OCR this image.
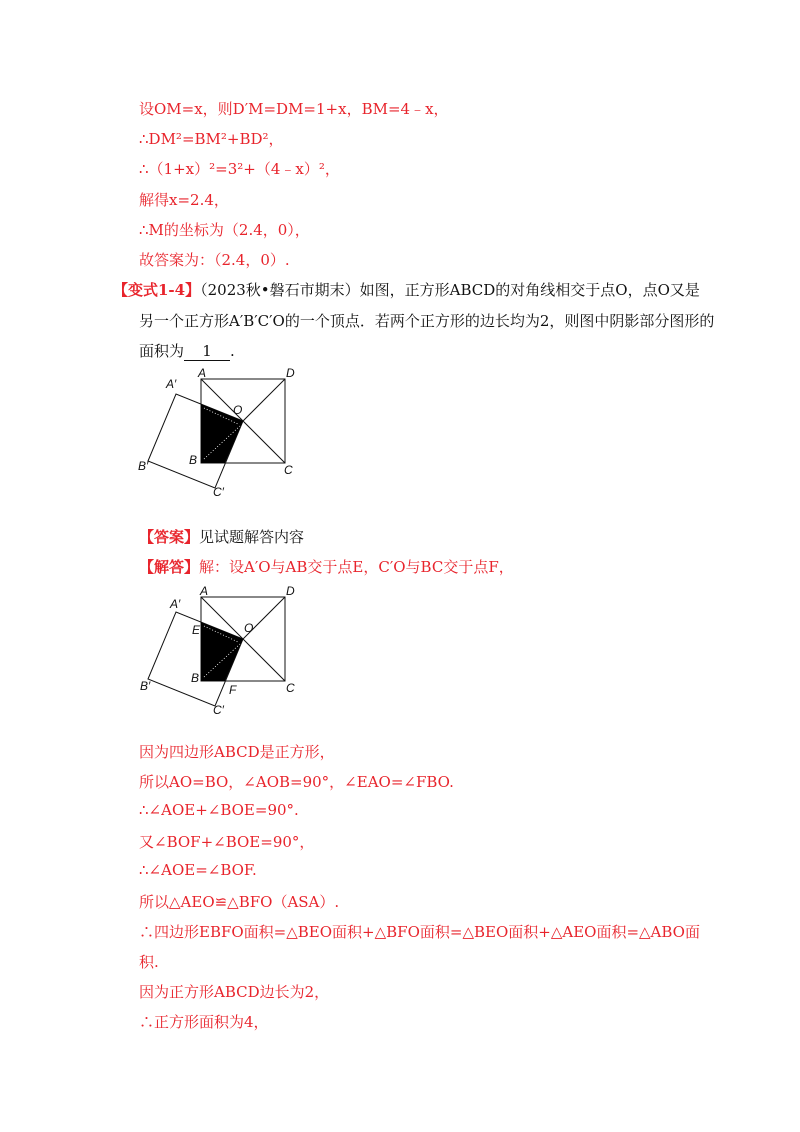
设OM=x，则D′M=DM=1+x，BM=4﹣x，
∴DM²=BM²+BD²，
∴（1+x）²=3²+（4﹣x）²，
解得x=2.4，
∴M的坐标为（2.4，0），
故答案为：（2.4，0）.
【变式1-4】（2023秋•磐石市期末）如图，正方形ABCD的对角线相交于点O，点O又是
另一个正方形A′B′C′O的一个顶点．若两个正方形的边长均为2，则图中阴影部分图形的
面积为 1 .
A	D
O
B
C
A′
B′
C′
【答案】见试题解答内容
【解答】解：设A′O与AB交于点E，C′O与BC交于点F，
A	D
O
B
C
E
F
A′
B′
C′
因为四边形ABCD是正方形，
所以AO=BO，∠AOB=90°，∠EAO=∠FBO.
∴∠AOE+∠BOE=90°.
又∠BOF+∠BOE=90°，
∴∠AOE=∠BOF.
所以△AEO≌△BFO（ASA）.
∴四边形EBFO面积=△BEO面积+△BFO面积=△BEO面积+△AEO面积=△ABO面
积.
因为正方形ABCD边长为2，
∴正方形面积为4，
